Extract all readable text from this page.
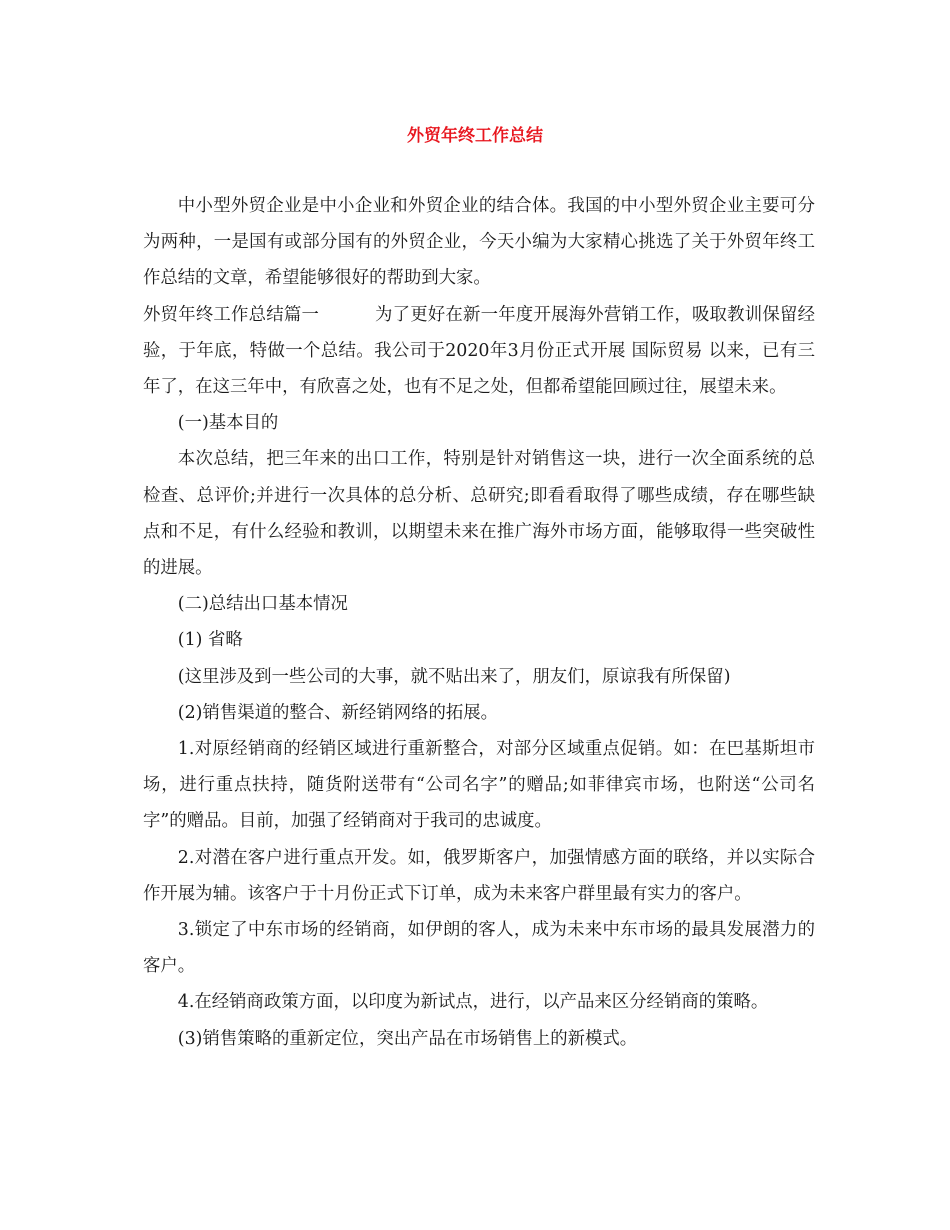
外贸年终工作总结

中小型外贸企业是中小企业和外贸企业的结合体。我国的中小型外贸企业主要可分为两种，一是国有或部分国有的外贸企业，今天小编为大家精心挑选了关于外贸年终工作总结的文章，希望能够很好的帮助到大家。

外贸年终工作总结篇一	为了更好在新一年度开展海外营销工作，吸取教训保留经验，于年底，特做一个总结。我公司于2020年3月份正式开展 国际贸易 以来，已有三年了，在这三年中，有欣喜之处，也有不足之处，但都希望能回顾过往，展望未来。

(一)基本目的

本次总结，把三年来的出口工作，特别是针对销售这一块，进行一次全面系统的总检查、总评价;并进行一次具体的总分析、总研究;即看看取得了哪些成绩，存在哪些缺点和不足，有什么经验和教训，以期望未来在推广海外市场方面，能够取得一些突破性的进展。

(二)总结出口基本情况

(1) 省略

(这里涉及到一些公司的大事，就不贴出来了，朋友们，原谅我有所保留)

(2)销售渠道的整合、新经销网络的拓展。

1.对原经销商的经销区域进行重新整合，对部分区域重点促销。如：在巴基斯坦市场，进行重点扶持，随货附送带有“公司名字”的赠品;如菲律宾市场，也附送“公司名字”的赠品。目前，加强了经销商对于我司的忠诚度。

2.对潜在客户进行重点开发。如，俄罗斯客户，加强情感方面的联络，并以实际合作开展为辅。该客户于十月份正式下订单，成为未来客户群里最有实力的客户。

3.锁定了中东市场的经销商，如伊朗的客人，成为未来中东市场的最具发展潜力的客户。

4.在经销商政策方面，以印度为新试点，进行，以产品来区分经销商的策略。

(3)销售策略的重新定位，突出产品在市场销售上的新模式。
